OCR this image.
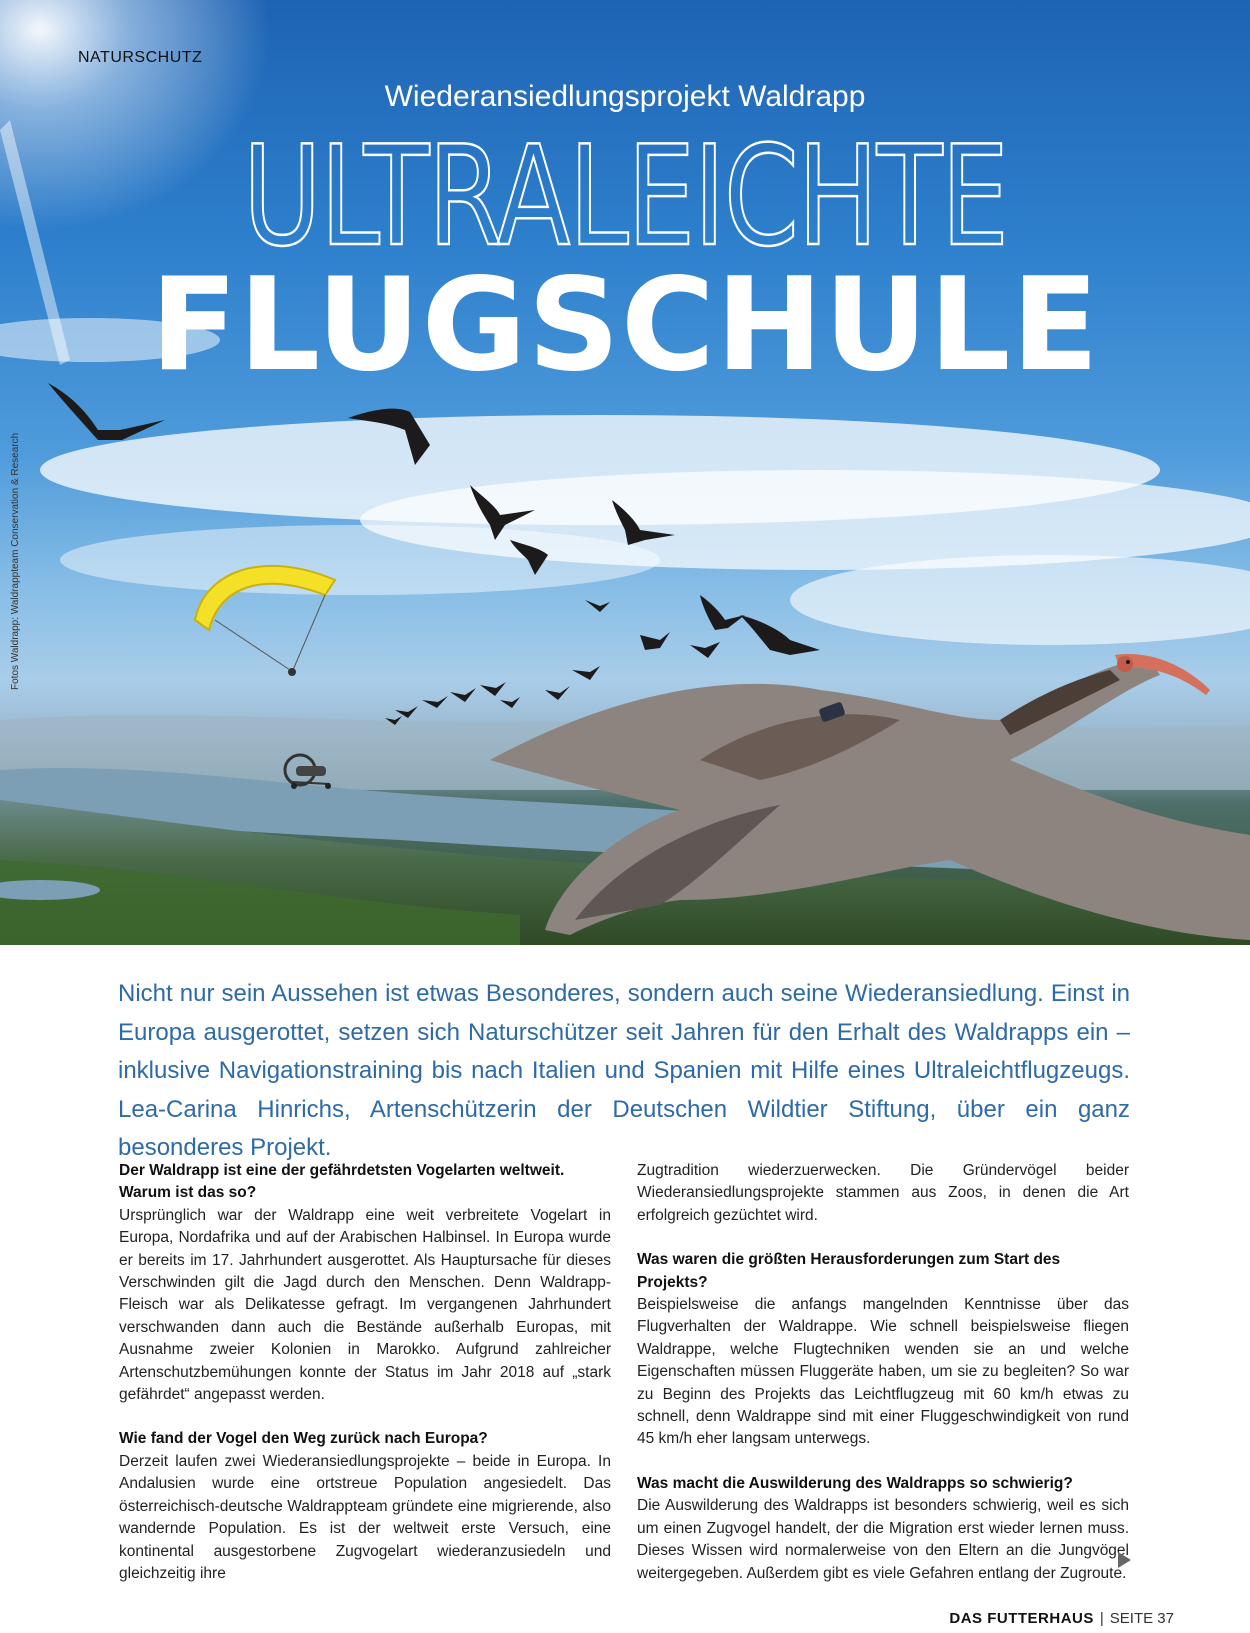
NATURSCHUTZ
Wiederansiedlungsprojekt Waldrapp
ULTRALEICHTE
FLUGSCHULE
Fotos Waldrapp: Waldrappteam Conservation & Research
Nicht nur sein Aussehen ist etwas Besonderes, sondern auch seine Wiederansiedlung. Einst in Europa ausgerottet, setzen sich Naturschützer seit Jahren für den Erhalt des Waldrapps ein – inklusive Navigationstraining bis nach Italien und Spanien mit Hilfe eines Ultraleichtflugzeugs. Lea-Carina Hinrichs, Artenschützerin der Deutschen Wildtier Stiftung, über ein ganz besonderes Projekt.

Der Waldrapp ist eine der gefährdetsten Vogelarten weltweit. Warum ist das so?

Ursprünglich war der Waldrapp eine weit verbreitete Vogelart in Europa, Nordafrika und auf der Arabischen Halbinsel. In Europa wurde er bereits im 17. Jahrhundert ausgerottet. Als Hauptursache für dieses Verschwinden gilt die Jagd durch den Menschen. Denn Waldrapp-Fleisch war als Delikatesse gefragt. Im vergangenen Jahrhundert verschwanden dann auch die Bestände außerhalb Europas, mit Ausnahme zweier Kolonien in Marokko. Aufgrund zahlreicher Artenschutzbemühungen konnte der Status im Jahr 2018 auf „stark gefährdet“ angepasst werden.

Wie fand der Vogel den Weg zurück nach Europa?

Derzeit laufen zwei Wiederansiedlungsprojekte – beide in Europa. In Andalusien wurde eine ortstreue Population angesiedelt. Das österreichisch-deutsche Waldrappteam gründete eine migrierende, also wandernde Population. Es ist der weltweit erste Versuch, eine kontinental ausgestorbene Zugvogelart wiederanzusiedeln und gleichzeitig ihre

Zugtradition wiederzuerwecken. Die Gründervögel beider Wiederansiedlungsprojekte stammen aus Zoos, in denen die Art erfolgreich gezüchtet wird.

Was waren die größten Herausforderungen zum Start des Projekts?

Beispielsweise die anfangs mangelnden Kenntnisse über das Flugverhalten der Waldrappe. Wie schnell beispielsweise fliegen Waldrappe, welche Flugtechniken wenden sie an und welche Eigenschaften müssen Fluggeräte haben, um sie zu begleiten? So war zu Beginn des Projekts das Leichtflugzeug mit 60 km/h etwas zu schnell, denn Waldrappe sind mit einer Fluggeschwindigkeit von rund 45 km/h eher langsam unterwegs.

Was macht die Auswilderung des Waldrapps so schwierig?

Die Auswilderung des Waldrapps ist besonders schwierig, weil es sich um einen Zugvogel handelt, der die Migration erst wieder lernen muss. Dieses Wissen wird normalerweise von den Eltern an die Jungvögel weitergegeben. Außerdem gibt es viele Gefahren entlang der Zugroute.

DAS FUTTERHAUS | SEITE 37
